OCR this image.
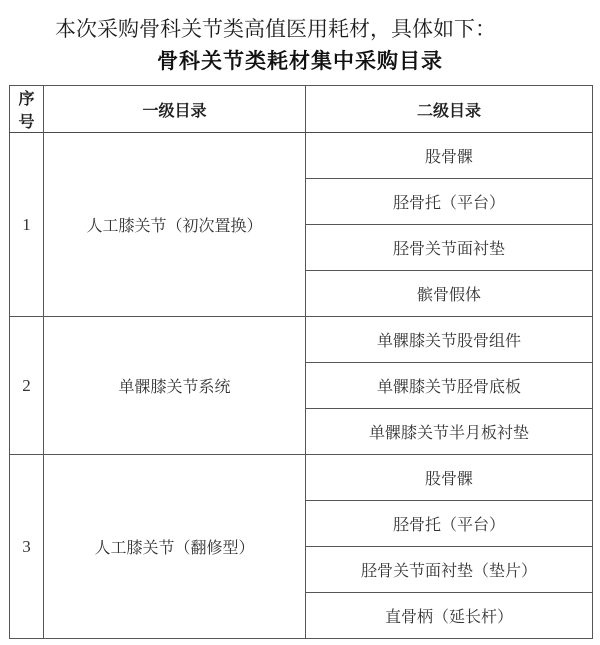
本次采购骨科关节类高值医用耗材，具体如下：

骨科关节类耗材集中采购目录
序号	一级目录	二级目录
1	人工膝关节（初次置换）	股骨髁
		胫骨托（平台）
		胫骨关节面衬垫
		髌骨假体
2	单髁膝关节系统	单髁膝关节股骨组件
		单髁膝关节胫骨底板
		单髁膝关节半月板衬垫
3	人工膝关节（翻修型）	股骨髁
		胫骨托（平台）
		胫骨关节面衬垫（垫片）
		直骨柄（延长杆）
